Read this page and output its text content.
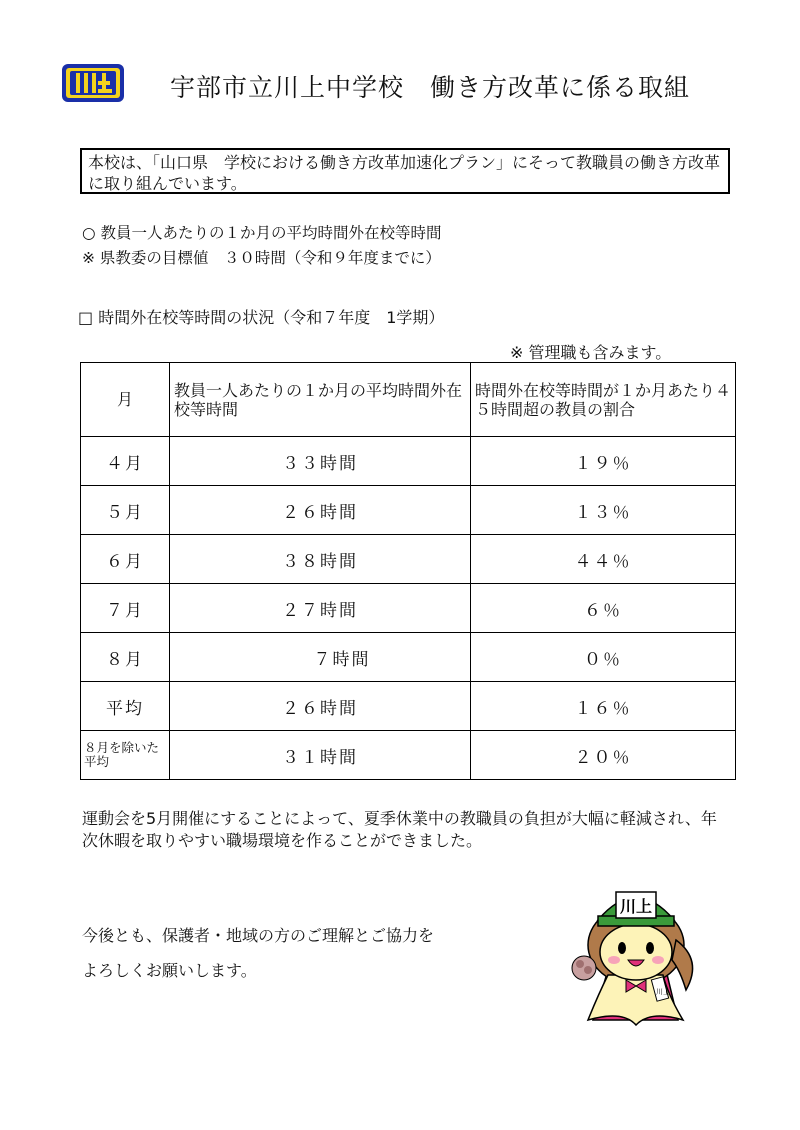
宇部市立川上中学校　働き方改革に係る取組
本校は、「山口県　学校における働き方改革加速化プラン」にそって教職員の働き方改革に取り組んでいます。
○ 教員一人あたりの１か月の平均時間外在校等時間
※ 県教委の目標値　３０時間（令和９年度までに）
□ 時間外在校等時間の状況（令和７年度　1学期）
※ 管理職も含みます。
月	教員一人あたりの１か月の平均時間外在校等時間	時間外在校等時間が１か月あたり４５時間超の教員の割合
４月	３３時間	１９％
５月	２６時間	１３％
６月	３８時間	４４％
７月	２７時間	６％
８月	７時間	０％
平均	２６時間	１６％
８月を除いた平均	３１時間	２０％
運動会を5月開催にすることによって、夏季休業中の教職員の負担が大幅に軽減され、年次休暇を取りやすい職場環境を作ることができました。
今後とも、保護者・地域の方のご理解とご協力を
よろしくお願いします。
川上
川上
